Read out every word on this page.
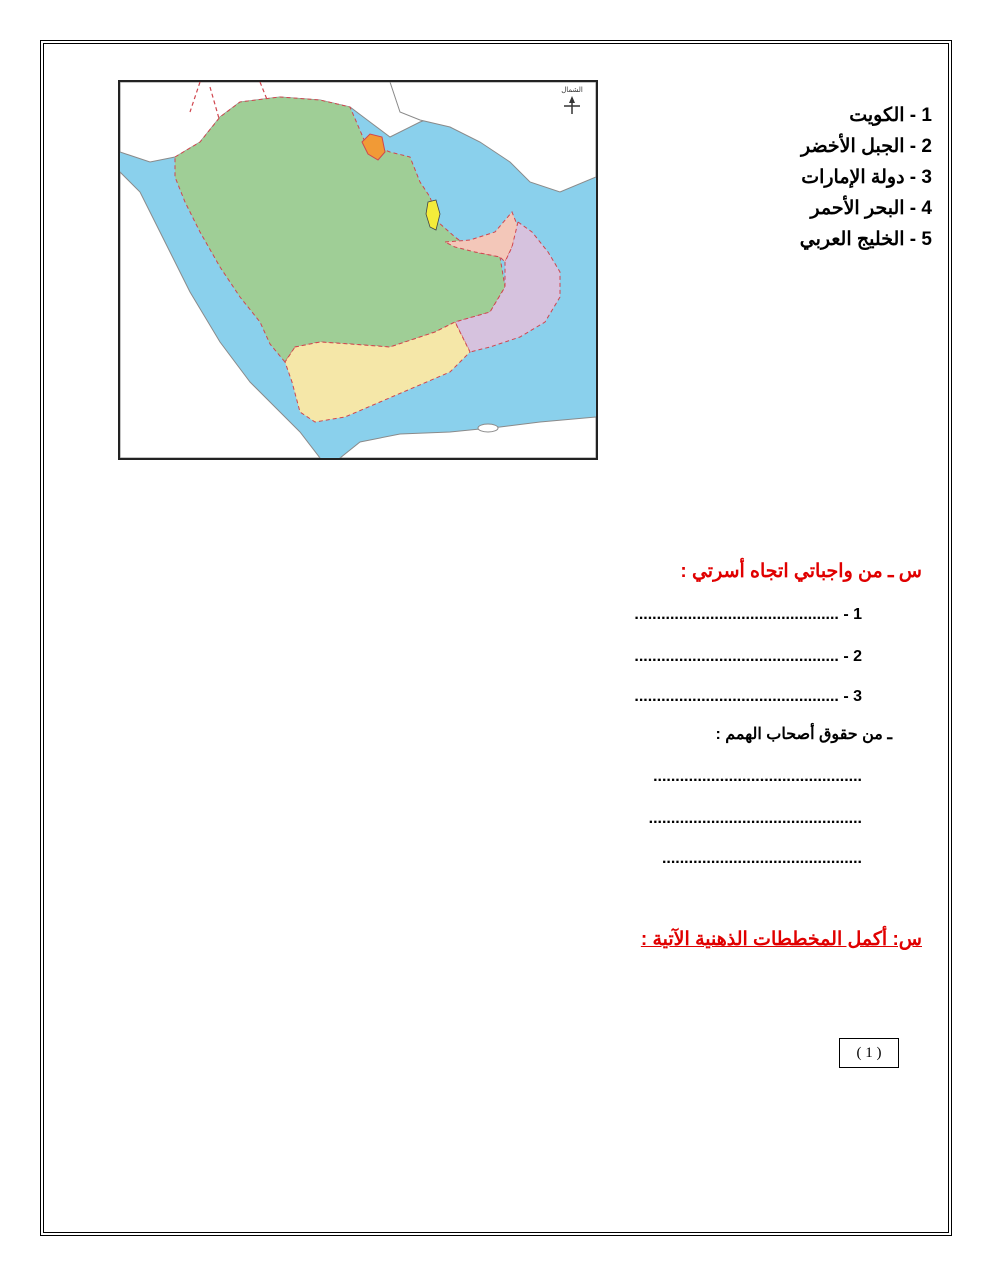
الشمال
1 - الكويت
2 - الجبل الأخضر
3 - دولة الإمارات
4 - البحر الأحمر
5 - الخليج العربي
س ـ من واجباتي اتجاه أسرتي :
1 - ..............................................
2 - ..............................................
3 - ..............................................
ـ من حقوق أصحاب الهمم :
...............................................
................................................
.............................................
س: أكمل المخططات الذهنية الآتية :
( 1 )
